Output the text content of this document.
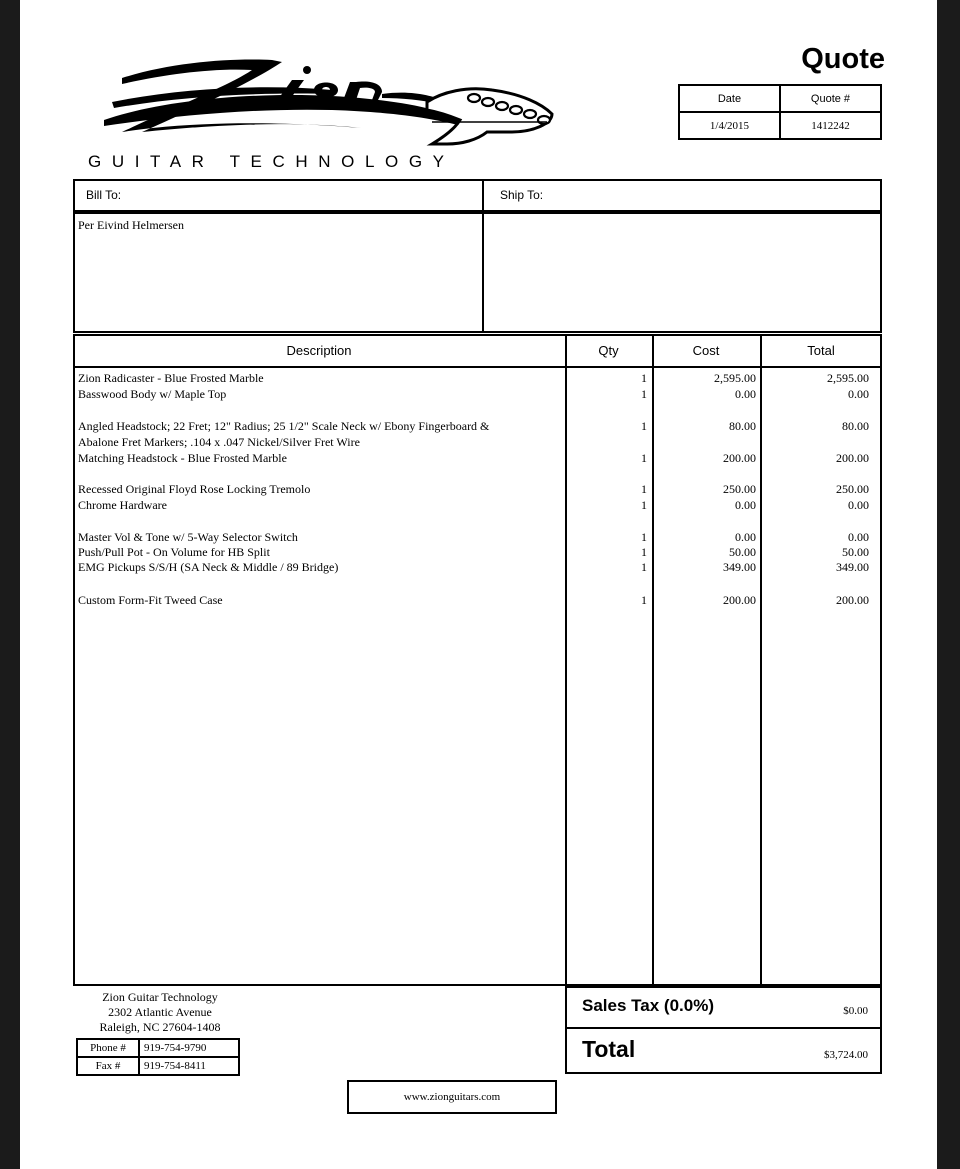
GUITAR TECHNOLOGY
Quote
Date	Quote #
1/4/2015	1412242
Bill To:	Ship To:
Per Eivind Helmersen
Description	Qty	Cost	Total
Zion Radicaster - Blue Frosted Marble	1	2,595.00	2,595.00
Basswood Body w/ Maple Top	1	0.00	0.00
Angled Headstock; 22 Fret; 12" Radius; 25 1/2" Scale Neck w/ Ebony Fingerboard &	1	80.00	80.00
Abalone Fret Markers; .104 x .047 Nickel/Silver Fret Wire
Matching Headstock - Blue Frosted Marble	1	200.00	200.00
Recessed Original Floyd Rose Locking Tremolo	1	250.00	250.00
Chrome Hardware	1	0.00	0.00
Master Vol & Tone w/ 5-Way Selector Switch	1	0.00	0.00
Push/Pull Pot - On Volume for HB Split	1	50.00	50.00
EMG Pickups S/S/H (SA Neck & Middle / 89 Bridge)	1	349.00	349.00
Custom Form-Fit Tweed Case	1	200.00	200.00
Zion Guitar Technology
2302 Atlantic Avenue
Raleigh, NC 27604-1408
Phone #	919-754-9790
Fax #	919-754-8411
Sales Tax (0.0%)	$0.00
Total	$3,724.00
www.zionguitars.com
